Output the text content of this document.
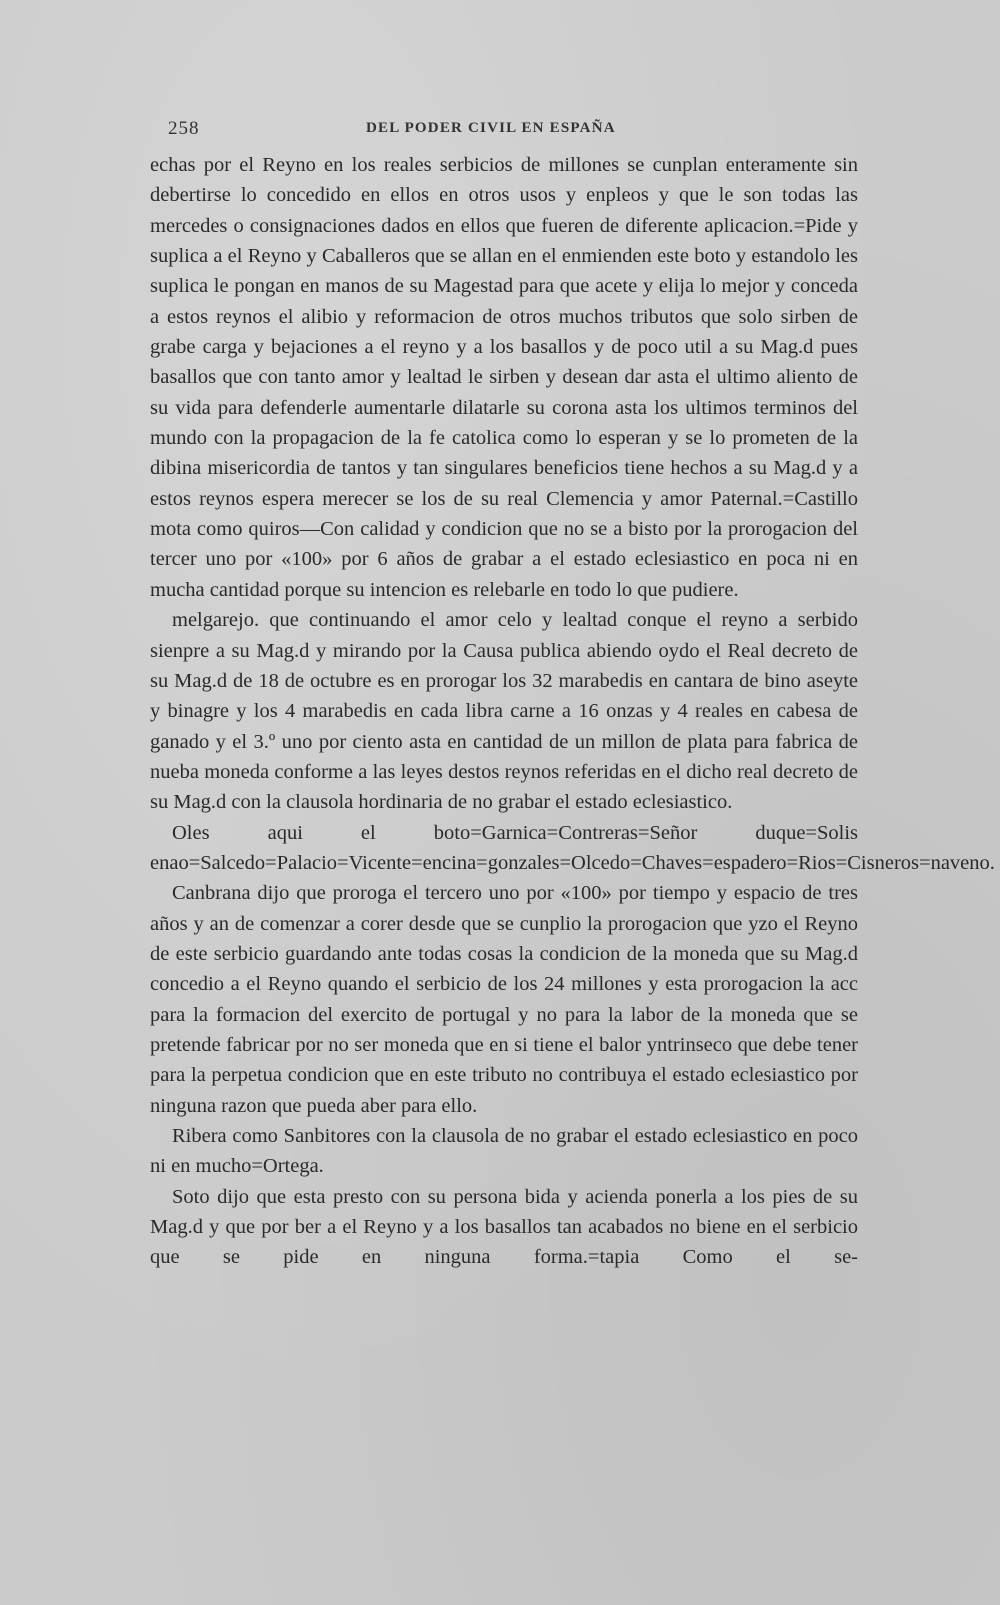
258	DEL PODER CIVIL EN ESPAÑA

echas por el Reyno en los reales serbicios de millones se cunplan enteramente sin debertirse lo concedido en ellos en otros usos y enpleos y que le son todas las mercedes o consignaciones dados en ellos que fueren de diferente aplicacion.=Pide y suplica a el Reyno y Caballeros que se allan en el enmienden este boto y estandolo les suplica le pongan en manos de su Magestad para que acete y elija lo mejor y conceda a estos reynos el alibio y reformacion de otros muchos tributos que solo sirben de grabe carga y bejaciones a el reyno y a los basallos y de poco util a su Mag.d pues basallos que con tanto amor y lealtad le sirben y desean dar asta el ultimo aliento de su vida para defenderle aumentarle dilatarle su corona asta los ultimos terminos del mundo con la propagacion de la fe catolica como lo esperan y se lo prometen de la dibina misericordia de tantos y tan singulares beneficios tiene hechos a su Mag.d y a estos reynos espera merecer se los de su real Clemencia y amor Paternal.=Castillo mota como quiros—Con calidad y condicion que no se a bisto por la prorogacion del tercer uno por «100» por 6 años de grabar a el estado eclesiastico en poca ni en mucha cantidad porque su intencion es relebarle en todo lo que pudiere.

melgarejo. que continuando el amor celo y lealtad conque el reyno a serbido sienpre a su Mag.d y mirando por la Causa publica abiendo oydo el Real decreto de su Mag.d de 18 de octubre es en prorogar los 32 marabedis en cantara de bino aseyte y binagre y los 4 marabedis en cada libra carne a 16 onzas y 4 reales en cabesa de ganado y el 3.º uno por ciento asta en cantidad de un millon de plata para fabrica de nueba moneda conforme a las leyes destos reynos referidas en el dicho real decreto de su Mag.d con la clausola hordinaria de no grabar el estado eclesiastico.

Oles aqui el boto=Garnica=Contreras=Señor duque=Solis enao=Salcedo=Palacio=Vicente=encina=gonzales=Olcedo=Chaves=espadero=Rios=Cisneros=naveno.

Canbrana dijo que proroga el tercero uno por «100» por tiempo y espacio de tres años y an de comenzar a corer desde que se cunplio la prorogacion que yzo el Reyno de este serbicio guardando ante todas cosas la condicion de la moneda que su Mag.d concedio a el Reyno quando el serbicio de los 24 millones y esta prorogacion la acc para la formacion del exercito de portugal y no para la labor de la moneda que se pretende fabricar por no ser moneda que en si tiene el balor yntrinseco que debe tener para la perpetua condicion que en este tributo no contribuya el estado eclesiastico por ninguna razon que pueda aber para ello.

Ribera como Sanbitores con la clausola de no grabar el estado eclesiastico en poco ni en mucho=Ortega.

Soto dijo que esta presto con su persona bida y acienda ponerla a los pies de su Mag.d y que por ber a el Reyno y a los basallos tan acabados no biene en el serbicio que se pide en ninguna forma.=tapia Como el se-
